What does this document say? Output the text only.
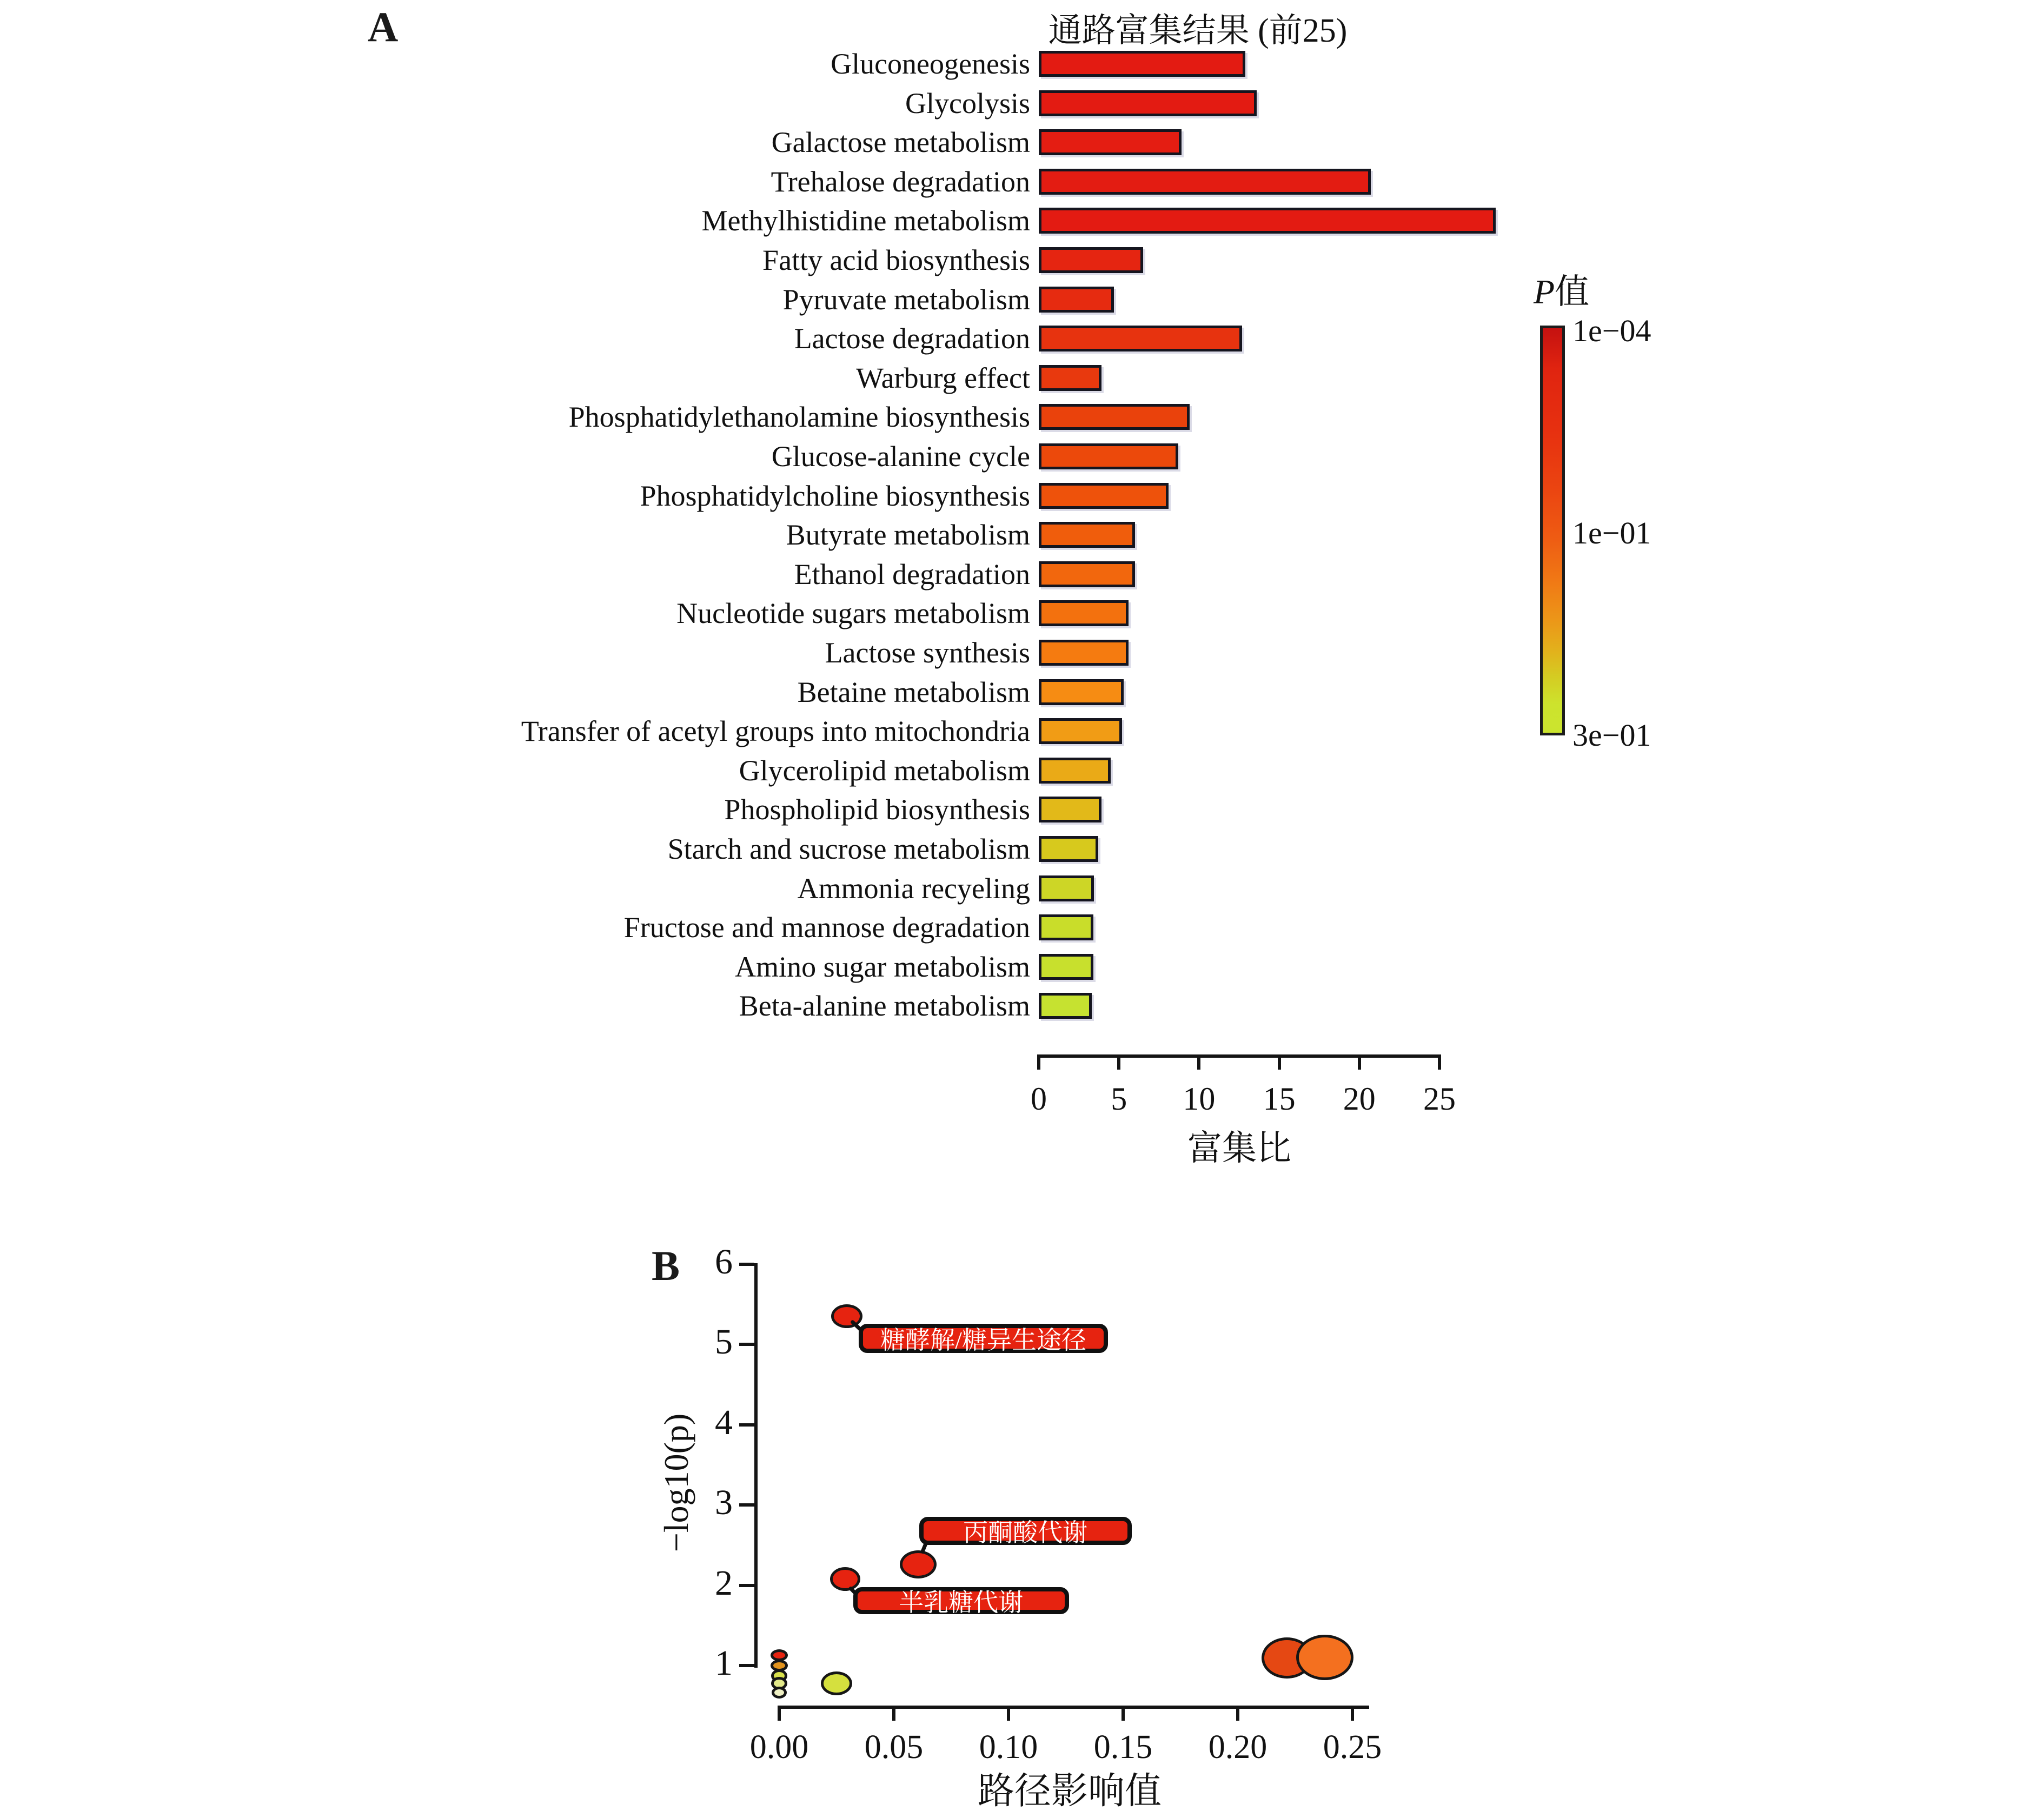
A	通路富集结果 (前25)
富集比
P值
1e−04
1e−01
3e−01
Gluconeogenesis
Glycolysis
Galactose metabolism
Trehalose degradation
Methylhistidine metabolism
Fatty acid biosynthesis
Pyruvate metabolism
Lactose degradation
Warburg effect
Phosphatidylethanolamine biosynthesis
Glucose-alanine cycle
Phosphatidylcholine biosynthesis
Butyrate metabolism
Ethanol degradation
Nucleotide sugars metabolism
Lactose synthesis
Betaine metabolism
Transfer of acetyl groups into mitochondria
Glycerolipid metabolism
Phospholipid biosynthesis
Starch and sucrose metabolism
Ammonia recyeling
Fructose and mannose degradation
Amino sugar metabolism
Beta-alanine metabolism
0	5	10	15	20	25
B
−log10(p)
路径影响值
6
5
4
3
2
1
0.00	0.05	0.10	0.15	0.20	0.25
糖酵解/糖异生途径
丙酮酸代谢
半乳糖代谢
